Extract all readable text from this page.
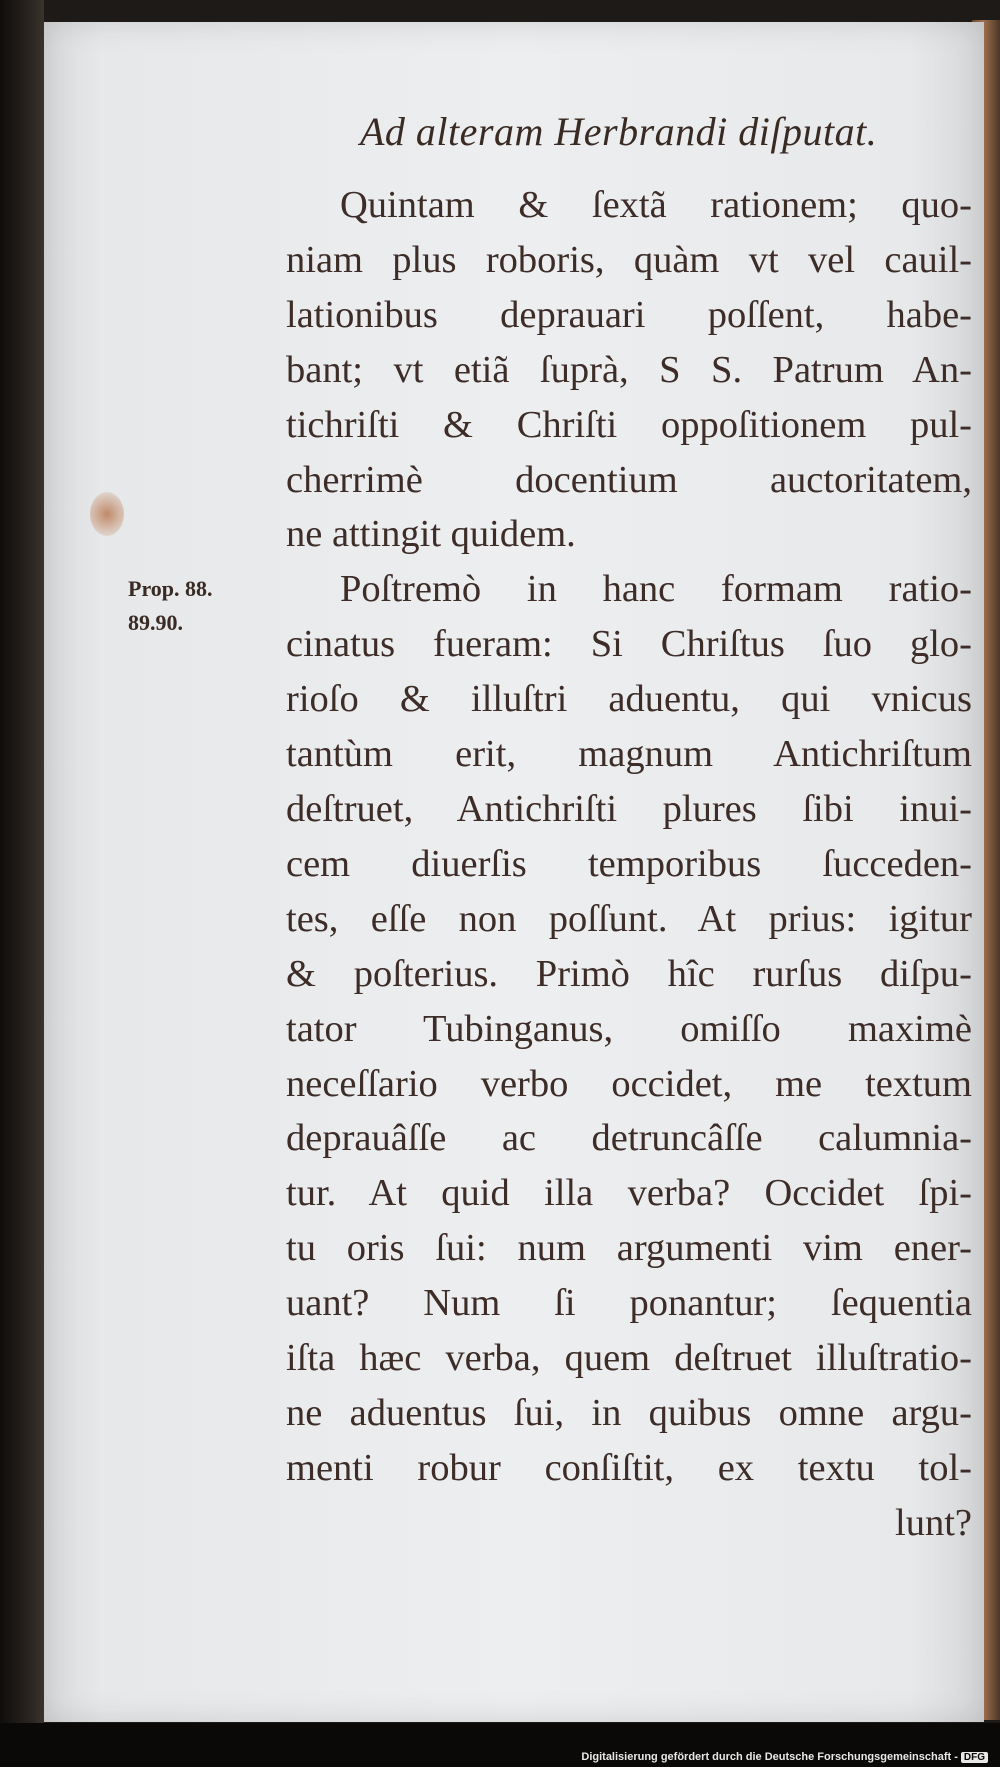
Ad alteram Herbrandi diſputat.
Prop. 88.
89.90.
Quintam & ſextã rationem; quo-
niam plus roboris, quàm vt vel cauil-
lationibus deprauari poſſent, habe-
bant; vt etiã ſuprà, S S. Patrum An-
tichriſti & Chriſti oppoſitionem pul-
cherrimè docentium auctoritatem,
ne attingit quidem.
Poſtremò in hanc formam ratio-
cinatus fueram: Si Chriſtus ſuo glo-
rioſo & illuſtri aduentu, qui vnicus
tantùm erit, magnum Antichriſtum
deſtruet, Antichriſti plures ſibi inui-
cem diuerſis temporibus ſucceden-
tes, eſſe non poſſunt. At prius: igitur
& poſterius. Primò hîc rurſus diſpu-
tator Tubinganus, omiſſo maximè
neceſſario verbo occidet, me textum
deprauâſſe ac detruncâſſe calumnia-
tur. At quid illa verba? Occidet ſpi-
tu oris ſui: num argumenti vim ener-
uant? Num ſi ponantur; ſequentia
iſta hæc verba, quem deſtruet illuſtratio-
ne aduentus ſui, in quibus omne argu-
menti robur conſiſtit, ex textu tol-
lunt?
Digitalisierung gefördert durch die Deutsche Forschungsgemeinschaft - DFG
